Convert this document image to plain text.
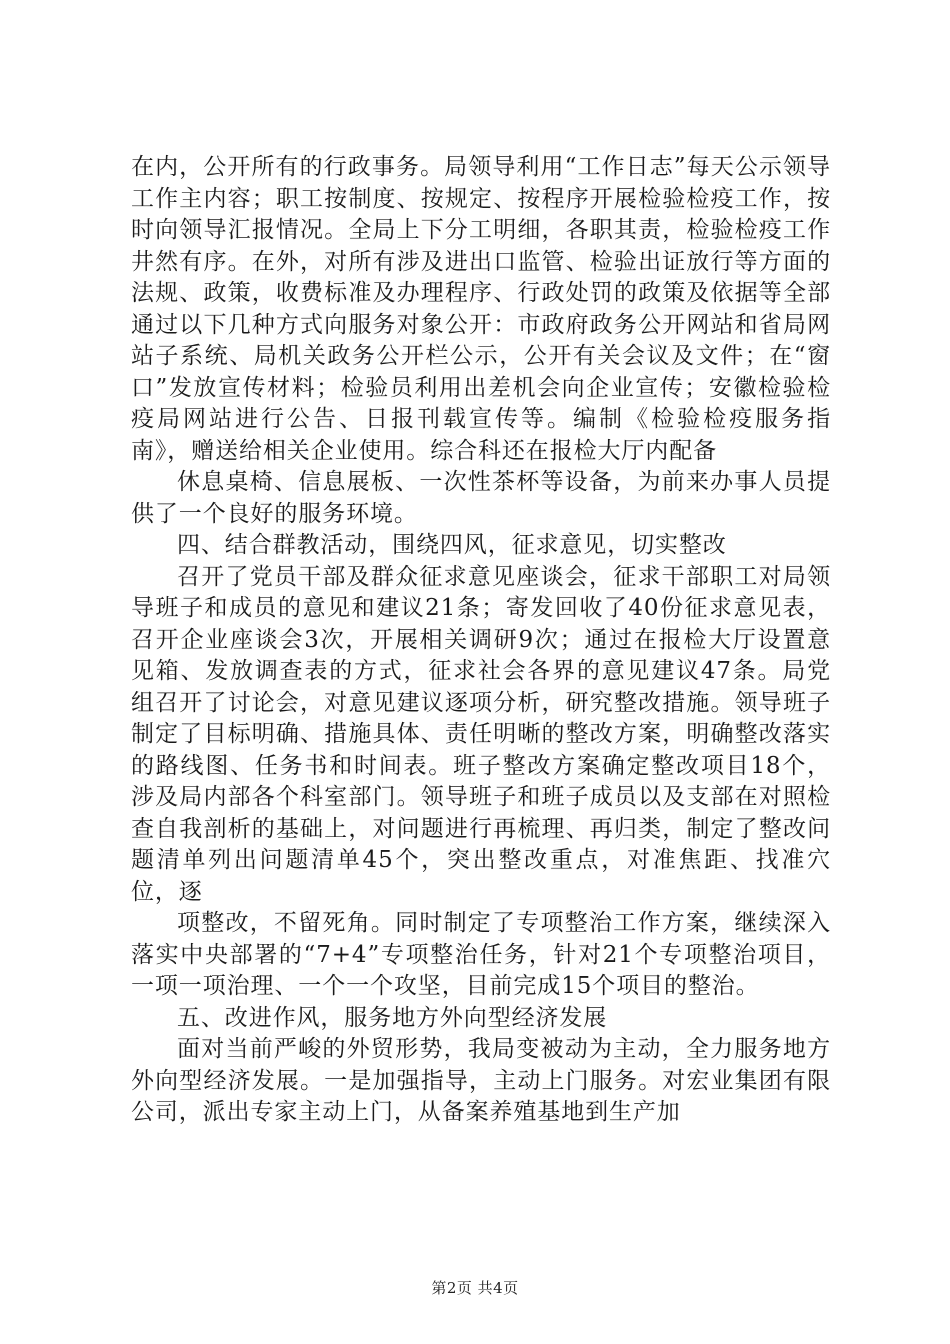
在内，公开所有的行政事务。局领导利用“工作日志”每天公示领导工作主内容；职工按制度、按规定、按程序开展检验检疫工作，按时向领导汇报情况。全局上下分工明细，各职其责，检验检疫工作井然有序。在外，对所有涉及进出口监管、检验出证放行等方面的法规、政策，收费标准及办理程序、行政处罚的政策及依据等全部通过以下几种方式向服务对象公开：市政府政务公开网站和省局网站子系统、局机关政务公开栏公示，公开有关会议及文件；在“窗口”发放宣传材料；检验员利用出差机会向企业宣传；安徽检验检疫局网站进行公告、日报刊载宣传等。编制《检验检疫服务指南》，赠送给相关企业使用。综合科还在报检大厅内配备

休息桌椅、信息展板、一次性茶杯等设备，为前来办事人员提供了一个良好的服务环境。

四、结合群教活动，围绕四风，征求意见，切实整改

召开了党员干部及群众征求意见座谈会，征求干部职工对局领导班子和成员的意见和建议21条；寄发回收了40份征求意见表，召开企业座谈会3次，开展相关调研9次；通过在报检大厅设置意见箱、发放调查表的方式，征求社会各界的意见建议47条。局党组召开了讨论会，对意见建议逐项分析，研究整改措施。领导班子制定了目标明确、措施具体、责任明晰的整改方案，明确整改落实的路线图、任务书和时间表。班子整改方案确定整改项目18个，涉及局内部各个科室部门。领导班子和班子成员以及支部在对照检查自我剖析的基础上，对问题进行再梳理、再归类，制定了整改问题清单列出问题清单45个，突出整改重点，对准焦距、找准穴位，逐

项整改，不留死角。同时制定了专项整治工作方案，继续深入落实中央部署的“7+4”专项整治任务，针对21个专项整治项目，一项一项治理、一个一个攻坚，目前完成15个项目的整治。

五、改进作风，服务地方外向型经济发展

面对当前严峻的外贸形势，我局变被动为主动，全力服务地方外向型经济发展。一是加强指导，主动上门服务。对宏业集团有限公司，派出专家主动上门，从备案养殖基地到生产加

第2页 共4页
